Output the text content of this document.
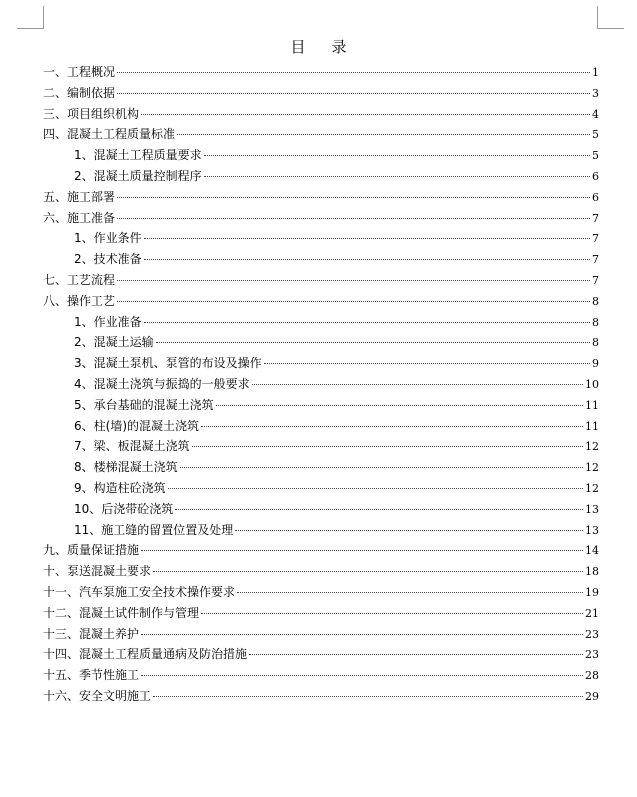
目 录
一、工程概况	1
二、编制依据	3
三、项目组织机构	4
四、混凝土工程质量标准	5
1、混凝土工程质量要求	5
2、混凝土质量控制程序	6
五、施工部署	6
六、施工准备	7
1、作业条件	7
2、技术准备	7
七、工艺流程	7
八、操作工艺	8
1、作业准备	8
2、混凝土运输	8
3、混凝土泵机、泵管的布设及操作	9
4、混凝土浇筑与振捣的一般要求	10
5、承台基础的混凝土浇筑	11
6、柱(墙)的混凝土浇筑	11
7、梁、板混凝土浇筑	12
8、楼梯混凝土浇筑	12
9、构造柱砼浇筑	12
10、后浇带砼浇筑	13
11、施工缝的留置位置及处理	13
九、质量保证措施	14
十、泵送混凝土要求	18
十一、汽车泵施工安全技术操作要求	19
十二、混凝土试件制作与管理	21
十三、混凝土养护	23
十四、混凝土工程质量通病及防治措施	23
十五、季节性施工	28
十六、安全文明施工	29
